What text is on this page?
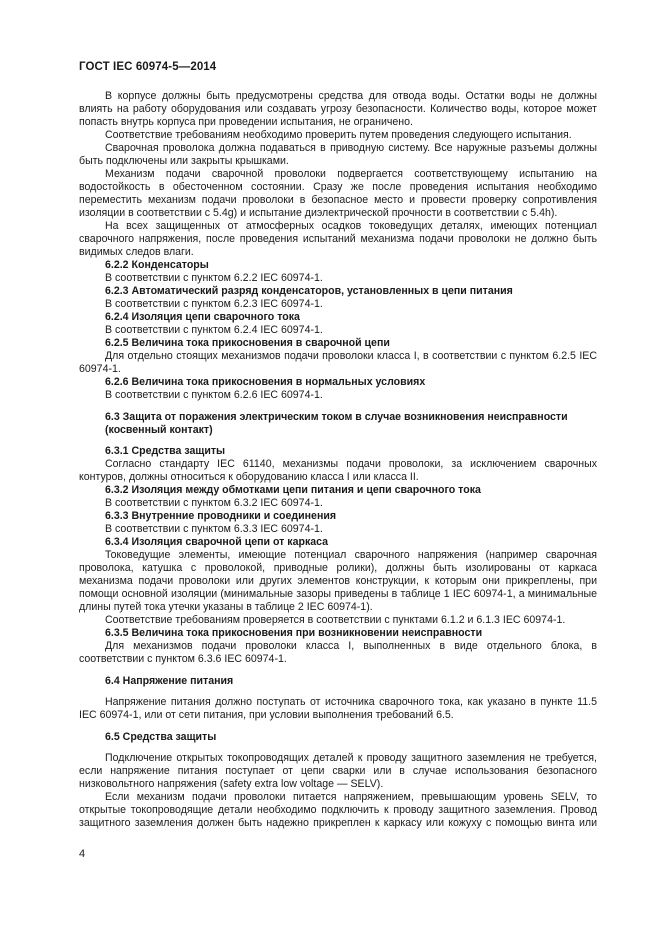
ГОСТ IEC 60974-5—2014

В корпусе должны быть предусмотрены средства для отвода воды. Остатки воды не должны влиять на работу оборудования или создавать угрозу безопасности. Количество воды, которое может попасть внутрь корпуса при проведении испытания, не ограничено.

Соответствие требованиям необходимо проверить путем проведения следующего испытания.

Сварочная проволока должна подаваться в приводную систему. Все наружные разъемы должны быть подключены или закрыты крышками.

Механизм подачи сварочной проволоки подвергается соответствующему испытанию на водостойкость в обесточенном состоянии. Сразу же после проведения испытания необходимо переместить механизм подачи проволоки в безопасное место и провести проверку сопротивления изоляции в соответствии с 5.4g) и испытание диэлектрической прочности в соответствии с 5.4h).

На всех защищенных от атмосферных осадков токоведущих деталях, имеющих потенциал сварочного напряжения, после проведения испытаний механизма подачи проволоки не должно быть видимых следов влаги.

6.2.2 Конденсаторы

В соответствии с пунктом 6.2.2 IEC 60974-1.

6.2.3 Автоматический разряд конденсаторов, установленных в цепи питания

В соответствии с пунктом 6.2.3 IEC 60974-1.

6.2.4 Изоляция цепи сварочного тока

В соответствии с пунктом 6.2.4 IEC 60974-1.

6.2.5 Величина тока прикосновения в сварочной цепи

Для отдельно стоящих механизмов подачи проволоки класса I, в соответствии с пунктом 6.2.5 IEC 60974-1.

6.2.6 Величина тока прикосновения в нормальных условиях

В соответствии с пунктом 6.2.6 IEC 60974-1.

6.3 Защита от поражения электрическим током в случае возникновения неисправности

(косвенный контакт)

6.3.1 Средства защиты

Согласно стандарту IEC 61140, механизмы подачи проволоки, за исключением сварочных контуров, должны относиться к оборудованию класса I или класса II.

6.3.2 Изоляция между обмотками цепи питания и цепи сварочного тока

В соответствии с пунктом 6.3.2 IEC 60974-1.

6.3.3 Внутренние проводники и соединения

В соответствии с пунктом 6.3.3 IEC 60974-1.

6.3.4 Изоляция сварочной цепи от каркаса

Токоведущие элементы, имеющие потенциал сварочного напряжения (например сварочная проволока, катушка с проволокой, приводные ролики), должны быть изолированы от каркаса механизма подачи проволоки или других элементов конструкции, к которым они прикреплены, при помощи основной изоляции (минимальные зазоры приведены в таблице 1 IEC 60974-1, а минимальные длины путей тока утечки указаны в таблице 2 IEC 60974-1).

Соответствие требованиям проверяется в соответствии с пунктами 6.1.2 и 6.1.3 IEC 60974-1.

6.3.5 Величина тока прикосновения при возникновении неисправности

Для механизмов подачи проволоки класса I, выполненных в виде отдельного блока, в соответствии с пунктом 6.3.6 IEC 60974-1.

6.4 Напряжение питания

Напряжение питания должно поступать от источника сварочного тока, как указано в пункте 11.5 IEC 60974-1, или от сети питания, при условии выполнения требований 6.5.

6.5 Средства защиты

Подключение открытых токопроводящих деталей к проводу защитного заземления не требуется, если напряжение питания поступает от цепи сварки или в случае использования безопасного низковольтного напряжения (safety extra low voltage — SELV).

Если механизм подачи проволоки питается напряжением, превышающим уровень SELV, то открытые токопроводящие детали необходимо подключить к проводу защитного заземления. Провод защитного заземления должен быть надежно прикреплен к каркасу или кожуху с помощью винта или

4
